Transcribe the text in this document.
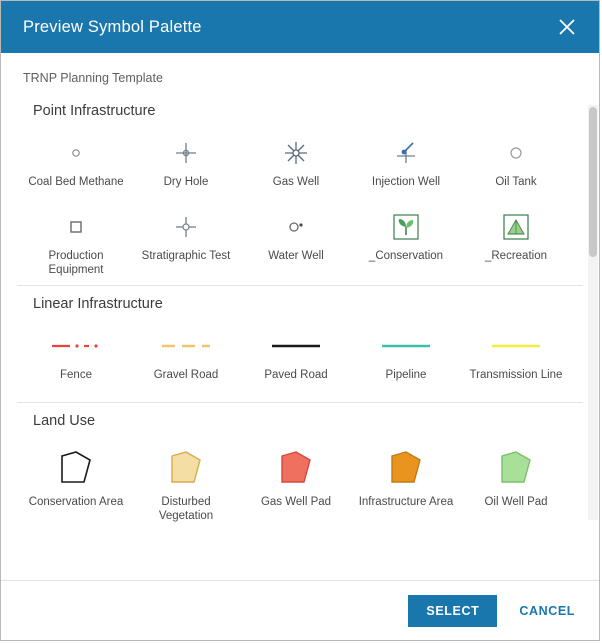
Preview Symbol Palette
TRNP Planning Template
Point Infrastructure
Coal Bed Methane	Dry Hole	Gas Well	Injection Well	Oil Tank
Production Equipment
Stratigraphic Test	Water Well	_Conservation	_Recreation
Linear Infrastructure
Fence	Gravel Road	Paved Road	Pipeline	Transmission Line
Land Use
Conservation Area	Disturbed Vegetation
Gas Well Pad	Infrastructure Area	Oil Well Pad
SELECT	CANCEL
